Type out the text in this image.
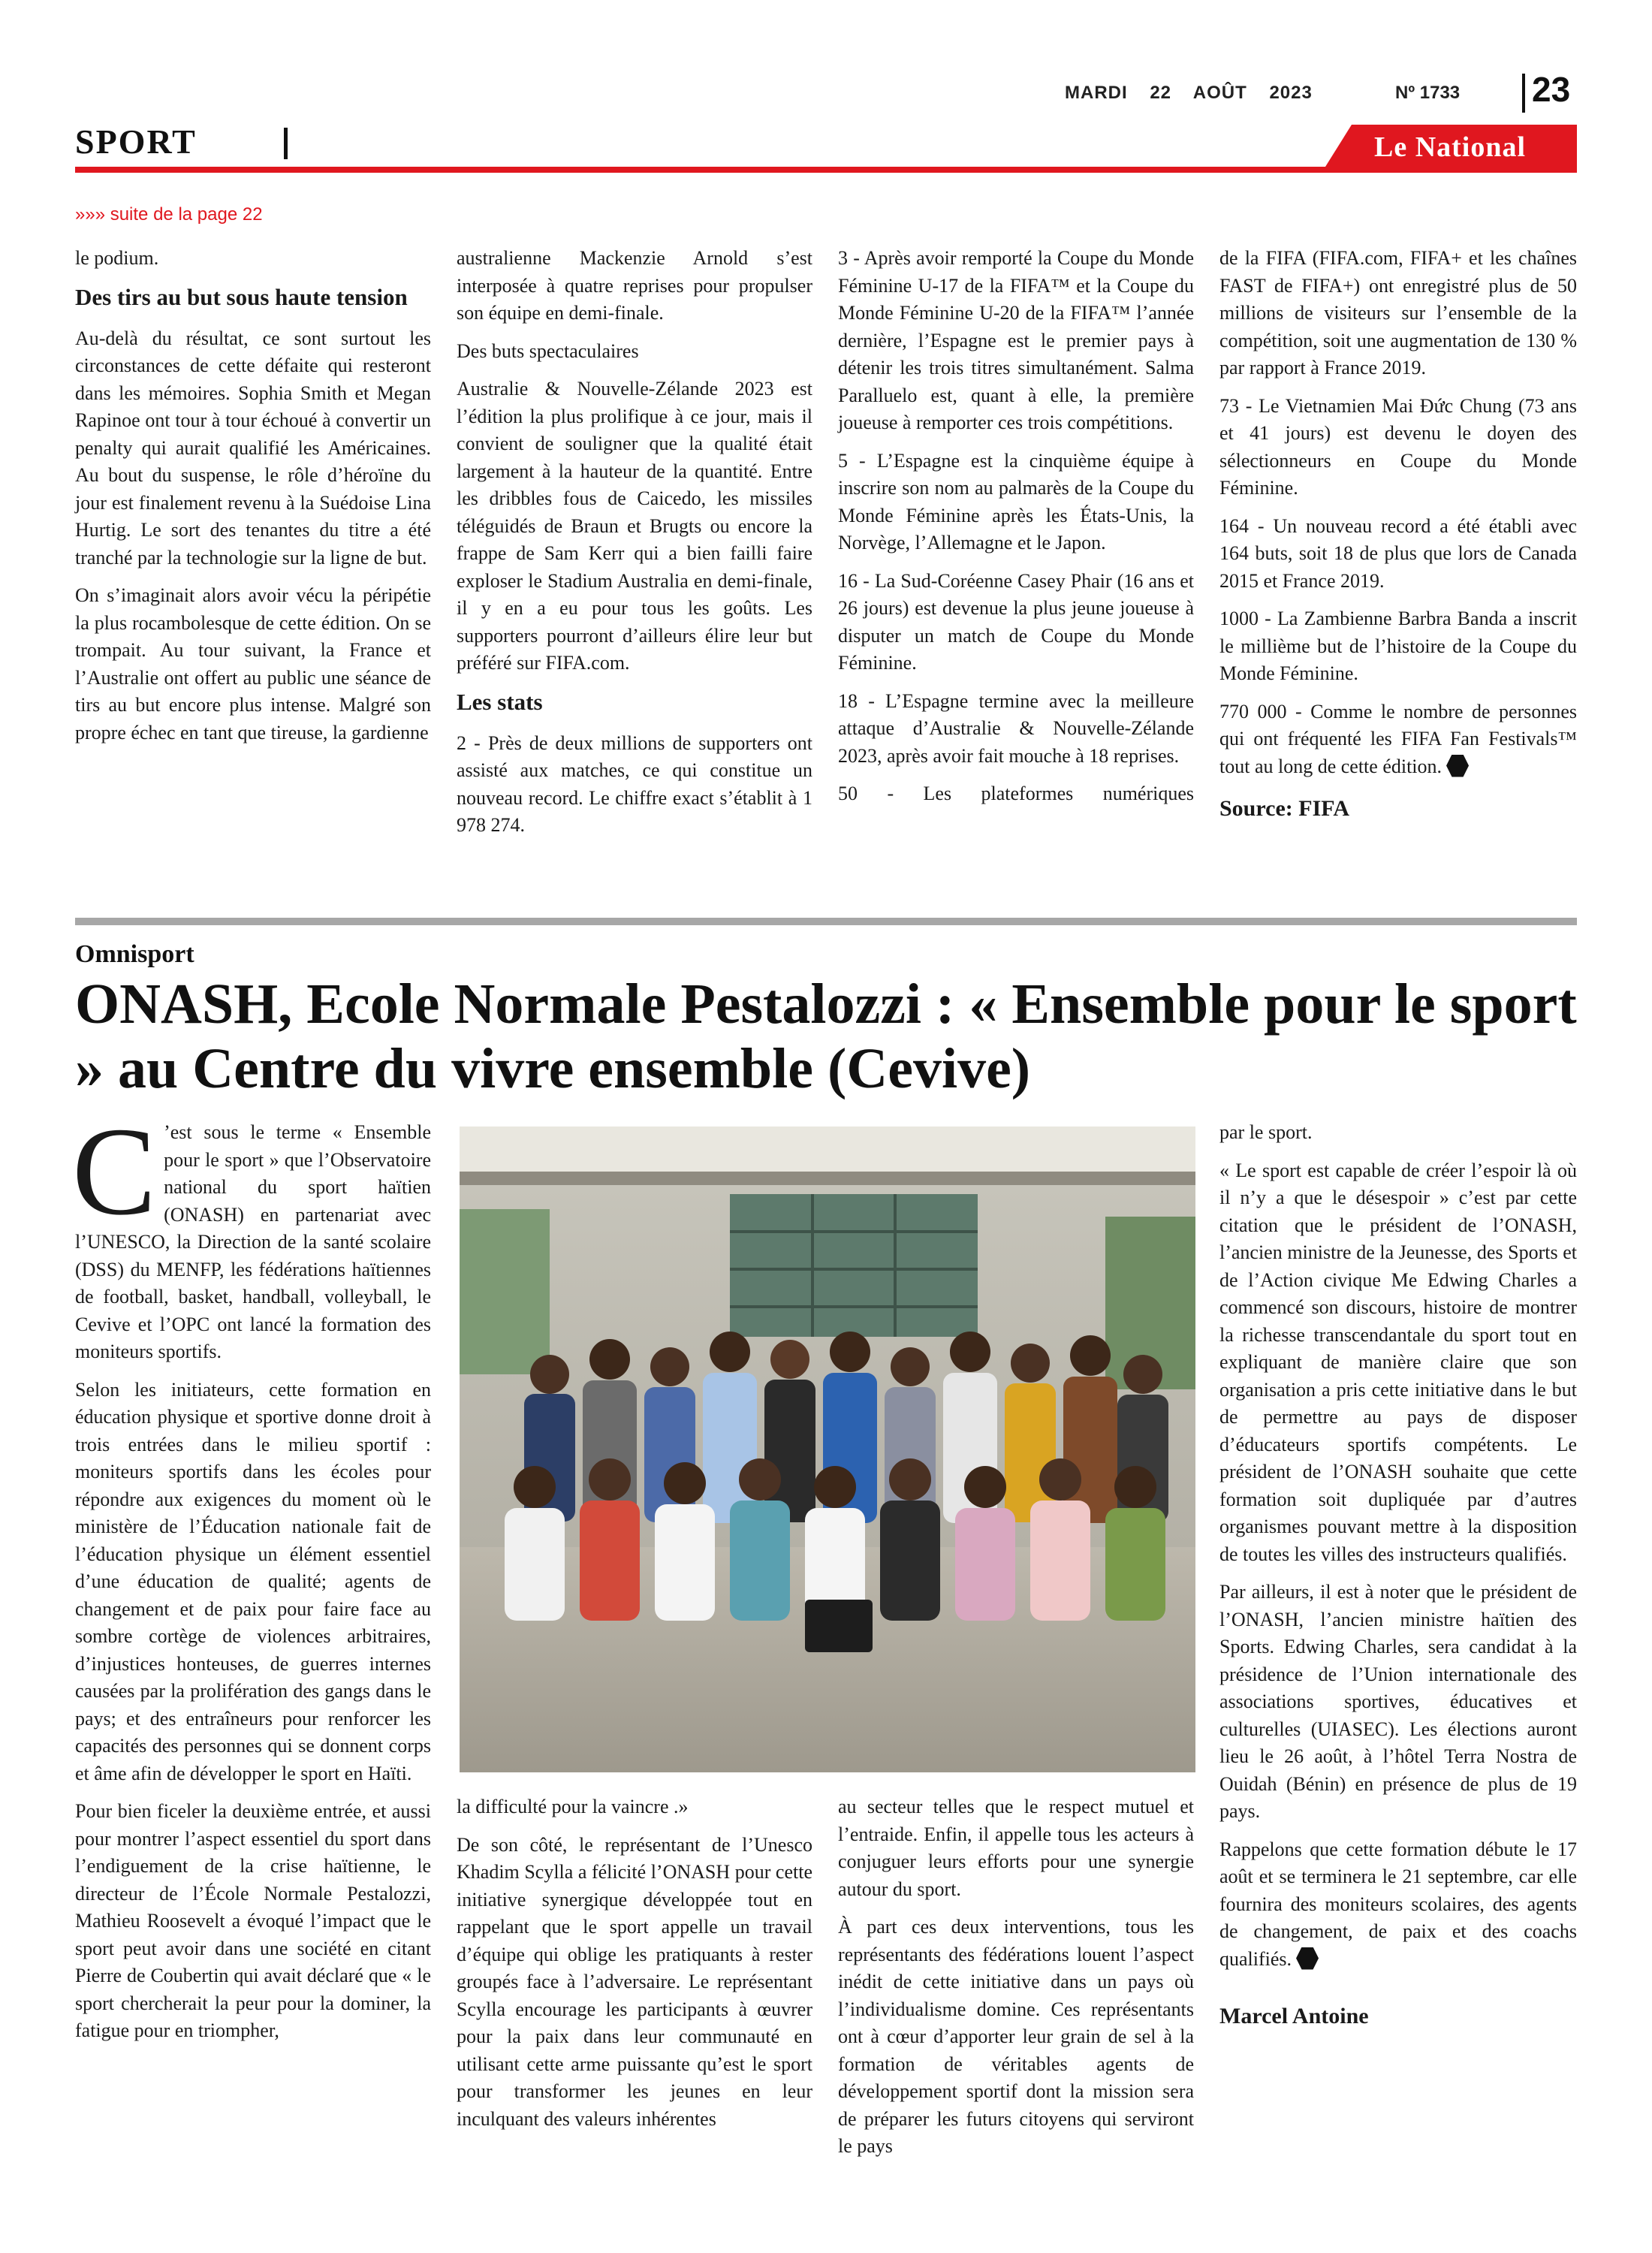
MARDI 22 AOÛT 2023	Nº 1733 23
SPORT	Le National
»»» suite de la page 22

le podium.

Des tirs au but sous haute tension

Au-delà du résultat, ce sont surtout les circonstances de cette défaite qui resteront dans les mémoires. Sophia Smith et Megan Rapinoe ont tour à tour échoué à convertir un penalty qui aurait qualifié les Américaines. Au bout du suspense, le rôle d’héroïne du jour est finalement revenu à la Suédoise Lina Hurtig. Le sort des tenantes du titre a été tranché par la technologie sur la ligne de but.

On s’imaginait alors avoir vécu la péripétie la plus rocambolesque de cette édition. On se trompait. Au tour suivant, la France et l’Australie ont offert au public une séance de tirs au but encore plus intense. Malgré son propre échec en tant que tireuse, la gardienne

australienne Mackenzie Arnold s’est interposée à quatre reprises pour propulser son équipe en demi-finale.

Des buts spectaculaires

Australie & Nouvelle-Zélande 2023 est l’édition la plus prolifique à ce jour, mais il convient de souligner que la qualité était largement à la hauteur de la quantité. Entre les dribbles fous de Caicedo, les missiles téléguidés de Braun et Brugts ou encore la frappe de Sam Kerr qui a bien failli faire exploser le Stadium Australia en demi-finale, il y en a eu pour tous les goûts. Les supporters pourront d’ailleurs élire leur but préféré sur FIFA.com.

Les stats

2 - Près de deux millions de supporters ont assisté aux matches, ce qui constitue un nouveau record. Le chiffre exact s’établit à 1 978 274.

3 - Après avoir remporté la Coupe du Monde Féminine U-17 de la FIFA™ et la Coupe du Monde Féminine U-20 de la FIFA™ l’année dernière, l’Espagne est le premier pays à détenir les trois titres simultanément. Salma Paralluelo est, quant à elle, la première joueuse à remporter ces trois compétitions.

5 - L’Espagne est la cinquième équipe à inscrire son nom au palmarès de la Coupe du Monde Féminine après les États-Unis, la Norvège, l’Allemagne et le Japon.

16 - La Sud-Coréenne Casey Phair (16 ans et 26 jours) est devenue la plus jeune joueuse à disputer un match de Coupe du Monde Féminine.

18 - L’Espagne termine avec la meilleure attaque d’Australie & Nouvelle-Zélande 2023, après avoir fait mouche à 18 reprises.

50 - Les plateformes numériques

de la FIFA (FIFA.com, FIFA+ et les chaînes FAST de FIFA+) ont enregistré plus de 50 millions de visiteurs sur l’ensemble de la compétition, soit une augmentation de 130 % par rapport à France 2019.

73 - Le Vietnamien Mai Đức Chung (73 ans et 41 jours) est devenu le doyen des sélectionneurs en Coupe du Monde Féminine.

164 - Un nouveau record a été établi avec 164 buts, soit 18 de plus que lors de Canada 2015 et France 2019.

1000 - La Zambienne Barbra Banda a inscrit le millième but de l’histoire de la Coupe du Monde Féminine.

770 000 - Comme le nombre de personnes qui ont fréquenté les FIFA Fan Festivals™ tout au long de cette édition.

Source: FIFA

Omnisport
ONASH, Ecole Normale Pestalozzi : « Ensemble pour le sport » au Centre du vivre ensemble (Cevive)

C ’est sous le terme « Ensemble pour le sport » que l’Observatoire national du sport haïtien (ONASH) en partenariat avec l’UNESCO, la Direction de la santé scolaire (DSS) du MENFP, les fédérations haïtiennes de football, basket, handball, volleyball, le Cevive et l’OPC ont lancé la formation des moniteurs sportifs.

Selon les initiateurs, cette formation en éducation physique et sportive donne droit à trois entrées dans le milieu sportif : moniteurs sportifs dans les écoles pour répondre aux exigences du moment où le ministère de l’Éducation nationale fait de l’éducation physique un élément essentiel d’une éducation de qualité; agents de changement et de paix pour faire face au sombre cortège de violences arbitraires, d’injustices honteuses, de guerres internes causées par la prolifération des gangs dans le pays; et des entraîneurs pour renforcer les capacités des personnes qui se donnent corps et âme afin de développer le sport en Haïti.

Pour bien ficeler la deuxième entrée, et aussi pour montrer l’aspect essentiel du sport dans l’endiguement de la crise haïtienne, le directeur de l’École Normale Pestalozzi, Mathieu Roosevelt a évoqué l’impact que le sport peut avoir dans une société en citant Pierre de Coubertin qui avait déclaré que « le sport chercherait la peur pour la dominer, la fatigue pour en triompher,

la difficulté pour la vaincre .»

De son côté, le représentant de l’Unesco Khadim Scylla a félicité l’ONASH pour cette initiative synergique développée tout en rappelant que le sport appelle un travail d’équipe qui oblige les pratiquants à rester groupés face à l’adversaire. Le représentant Scylla encourage les participants à œuvrer pour la paix dans leur communauté en utilisant cette arme puissante qu’est le sport pour transformer les jeunes en leur inculquant des valeurs inhérentes

au secteur telles que le respect mutuel et l’entraide. Enfin, il appelle tous les acteurs à conjuguer leurs efforts pour une synergie autour du sport.

À part ces deux interventions, tous les représentants des fédérations louent l’aspect inédit de cette initiative dans un pays où l’individualisme domine. Ces représentants ont à cœur d’apporter leur grain de sel à la formation de véritables agents de développement sportif dont la mission sera de préparer les futurs citoyens qui serviront le pays

par le sport.

« Le sport est capable de créer l’espoir là où il n’y a que le désespoir » c’est par cette citation que le président de l’ONASH, l’ancien ministre de la Jeunesse, des Sports et de l’Action civique Me Edwing Charles a commencé son discours, histoire de montrer la richesse transcendantale du sport tout en expliquant de manière claire que son organisation a pris cette initiative dans le but de permettre au pays de disposer d’éducateurs sportifs compétents. Le président de l’ONASH souhaite que cette formation soit dupliquée par d’autres organismes pouvant mettre à la disposition de toutes les villes des instructeurs qualifiés.

Par ailleurs, il est à noter que le président de l’ONASH, l’ancien ministre haïtien des Sports. Edwing Charles, sera candidat à la présidence de l’Union internationale des associations sportives, éducatives et culturelles (UIASEC). Les élections auront lieu le 26 août, à l’hôtel Terra Nostra de Ouidah (Bénin) en présence de plus de 19 pays.

Rappelons que cette formation débute le 17 août et se terminera le 21 septembre, car elle fournira des moniteurs scolaires, des agents de changement, de paix et des coachs qualifiés.

Marcel Antoine
